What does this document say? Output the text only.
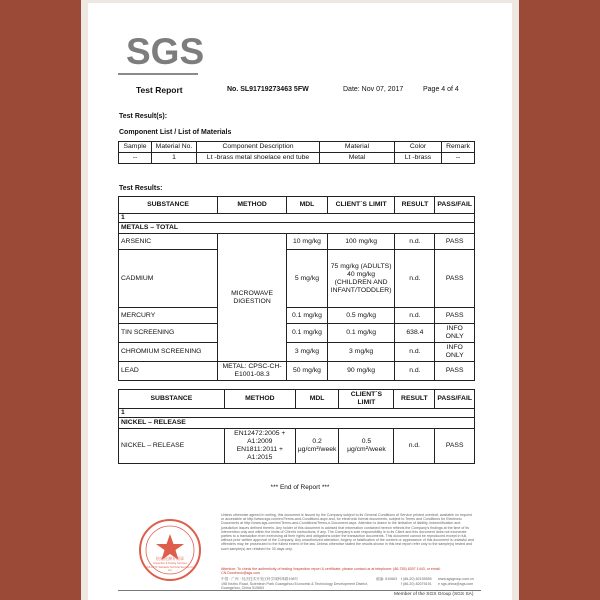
SGS
Test Report	No. SL91719273463 5FW	Date: Nov 07, 2017	Page 4 of 4
Test Result(s):
Component List / List of Materials
Sample	Material No.	Component Description	Material	Color	Remark
--	1	Lt -brass metal shoelace end tube	Metal	Lt -brass	--
Test Results:
SUBSTANCE	METHOD	MDL	CLIENT`S LIMIT	RESULT	PASS/FAIL
1					
METALS – TOTAL					
ARSENIC	MICROWAVE DIGESTION	10 mg/kg	100 mg/kg	n.d.	PASS
CADMIUM		5 mg/kg	75 mg/kg (ADULTS) 40 mg/kg (CHILDREN AND INFANT/TODDLER)	n.d.	PASS
MERCURY		0.1 mg/kg	0.5 mg/kg	n.d.	PASS
TIN SCREENING		0.1 mg/kg	0.1 mg/kg	638.4	INFO ONLY
CHROMIUM SCREENING		3 mg/kg	3 mg/kg	n.d.	INFO ONLY
LEAD	METAL: CPSC-CH-E1001-08.3	50 mg/kg	90 mg/kg	n.d.	PASS
SUBSTANCE	METHOD	MDL	CLIENT`S LIMIT	RESULT	PASS/FAIL
1					
NICKEL – RELEASE					
NICKEL – RELEASE	EN12472:2005 + A1:2009 EN1811:2011 + A1:2015	0.2 μg/cm²/week	0.5 μg/cm²/week	n.d.	PASS
*** End of Report ***
Unless otherwise agreed in writing, this document is issued by the Company subject to its General Conditions of Service printed overleaf, available on request or accessible at http://www.sgs.com/en/Terms-and-Conditions.aspx and, for electronic format documents, subject to Terms and Conditions for Electronic Documents at http://www.sgs.com/en/Terms-and-Conditions/Terms-e-Document.aspx. Attention is drawn to the limitation of liability, indemnification and jurisdiction issues defined therein. Any holder of this document is advised that information contained hereon reflects the Company's findings at the time of its intervention only and within the limits of Client's instructions, if any. The Company's sole responsibility is to its Client and this document does not exonerate parties to a transaction from exercising all their rights and obligations under the transaction documents. This document cannot be reproduced except in full, without prior written approval of the Company. Any unauthorized alteration, forgery or falsification of the content or appearance of this document is unlawful and offenders may be prosecuted to the fullest extent of the law. Unless otherwise stated the results shown in this test report refer only to the sample(s) tested and such sample(s) are retained for 30 days only.
Attention: To check the authenticity of testing /inspection report & certificate, please contact us at telephone: (86-755) 8307 1443, or email: CN.Doccheck@sgs.com
中国 · 广州 · 经济技术开发区科学城科珠路198号
198 Kezhu Road, Scientech Park Guangzhou Economic & Technology Development District, Guangzhou, China 510663
邮编: 510663 t (86-20) 82155555
f (86-20) 82075191
www.sgsgroup.com.cn
e sgs.china@sgs.com
Member of the SGS Group (SGS SA)
检验检测专用章
Inspection & Testing Services
SGS-CSTC Standards Technical Services Co., Ltd.
